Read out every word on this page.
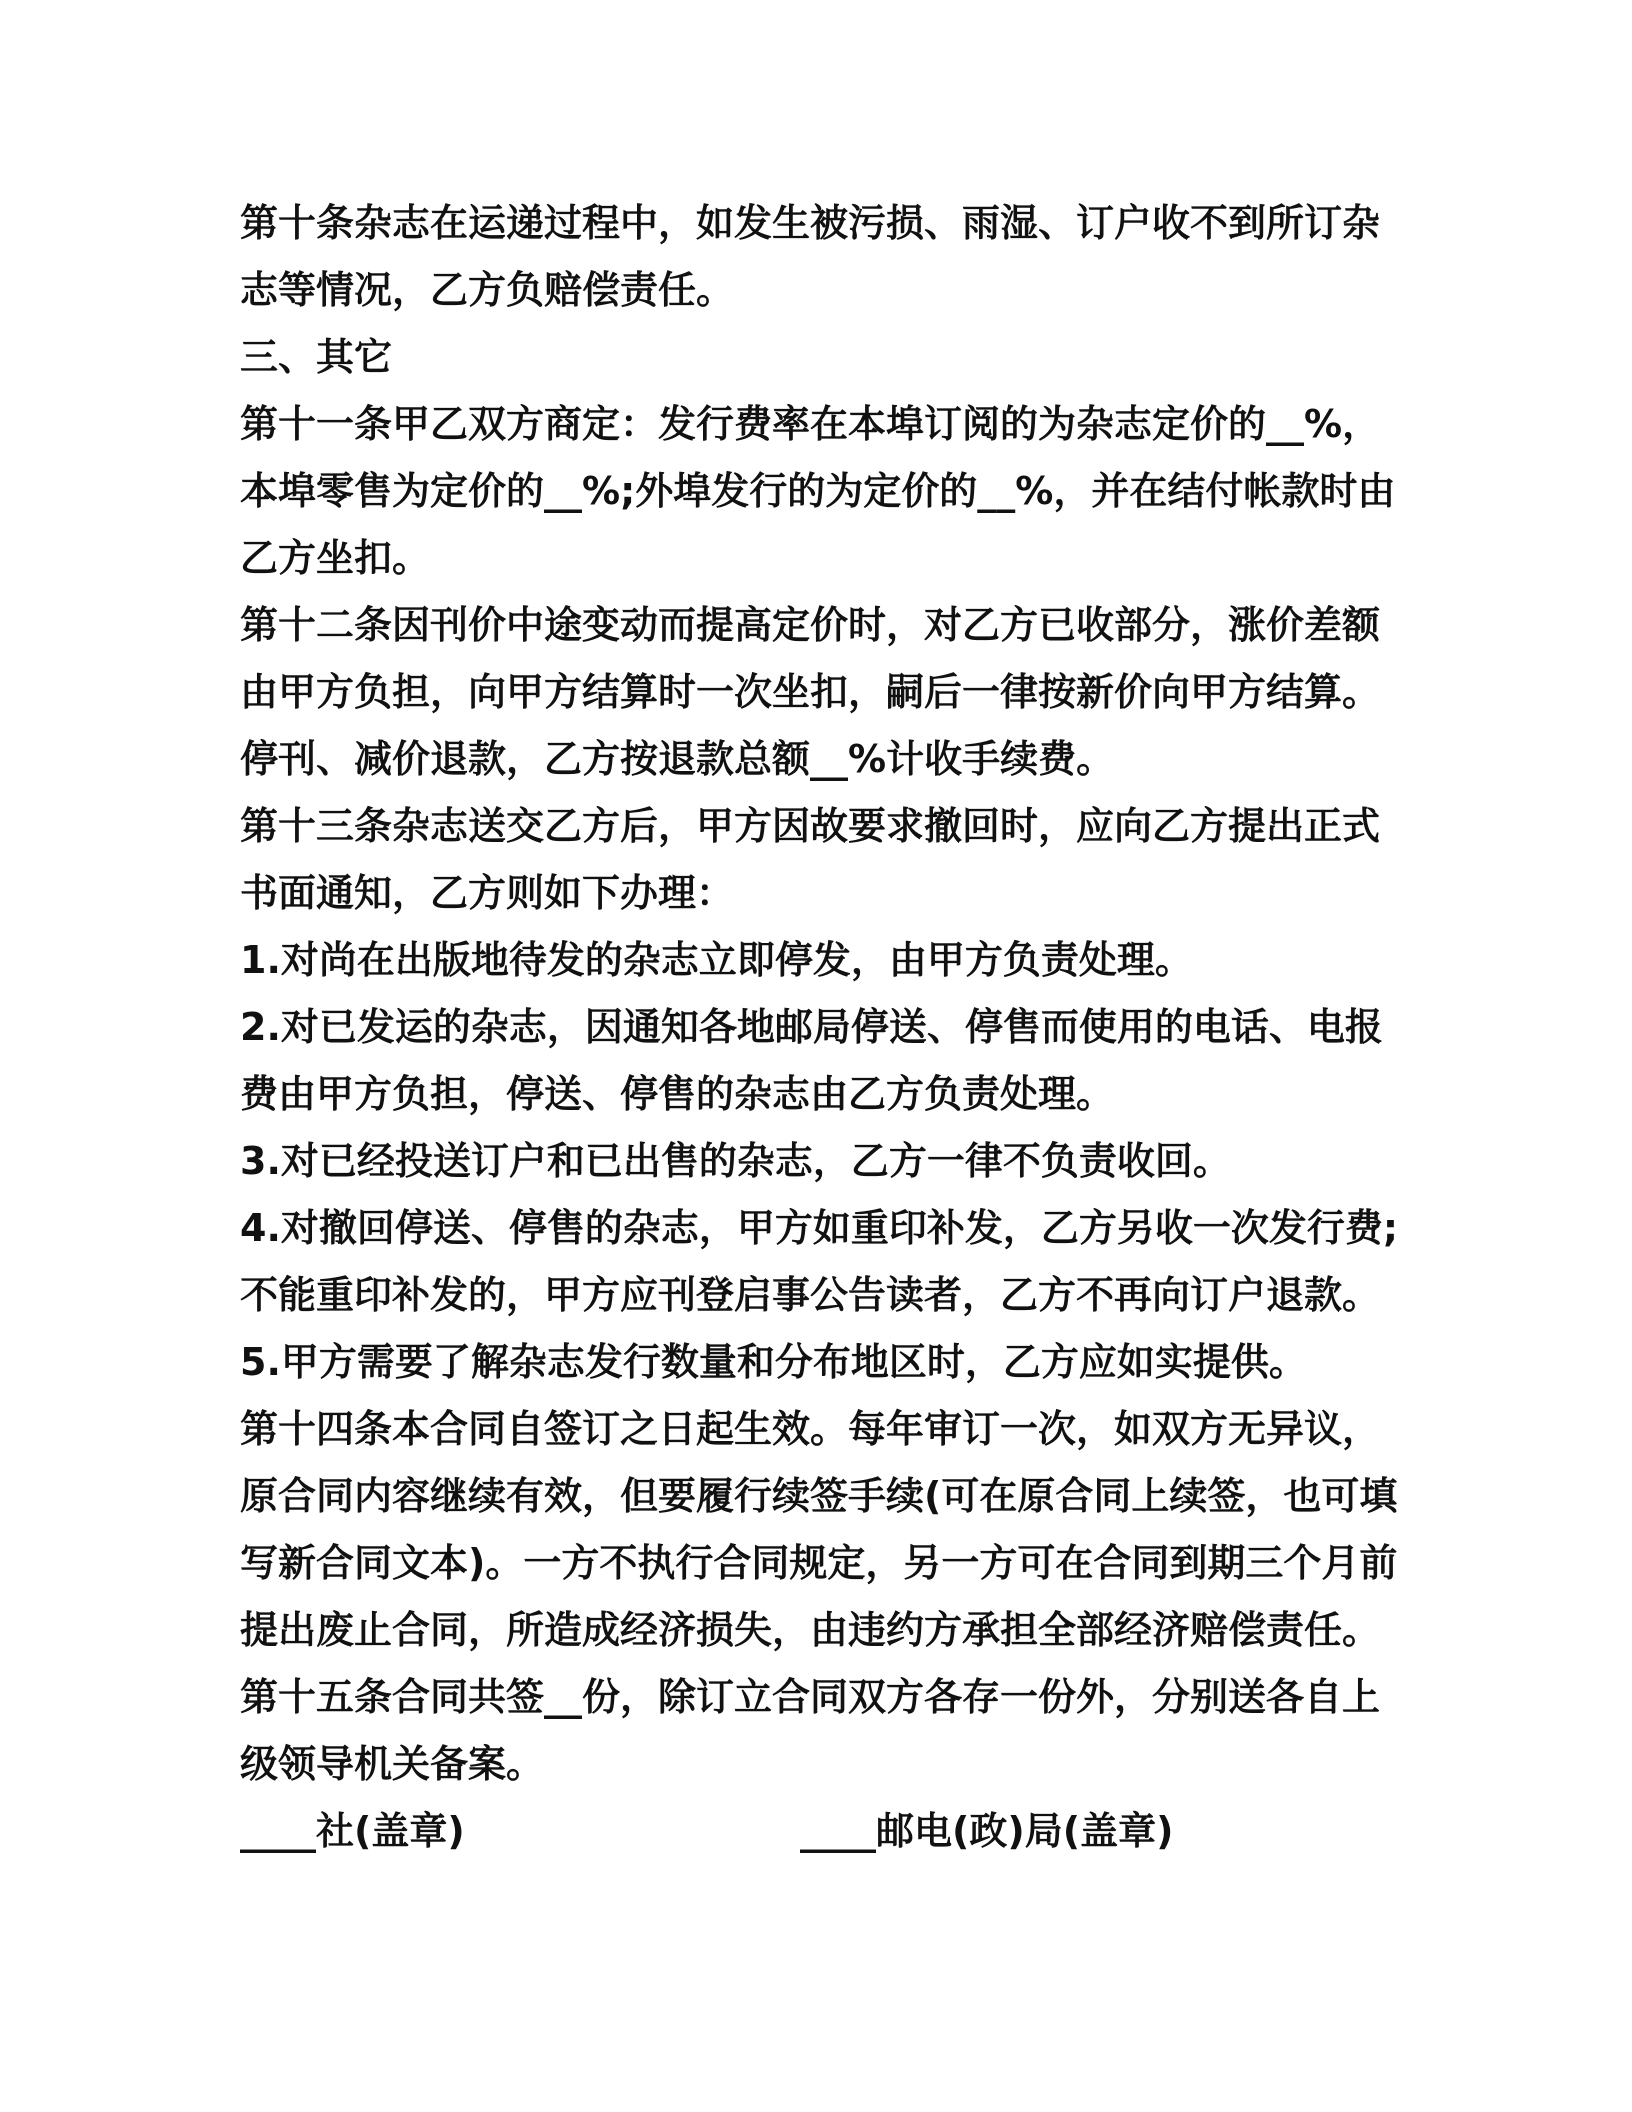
第十条杂志在运递过程中，如发生被污损、雨湿、订户收不到所订杂志等情况，乙方负赔偿责任。

三、其它

第十一条甲乙双方商定：发行费率在本埠订阅的为杂志定价的__%，本埠零售为定价的__%;外埠发行的为定价的__%，并在结付帐款时由乙方坐扣。

第十二条因刊价中途变动而提高定价时，对乙方已收部分，涨价差额由甲方负担，向甲方结算时一次坐扣，嗣后一律按新价向甲方结算。停刊、减价退款，乙方按退款总额__%计收手续费。

第十三条杂志送交乙方后，甲方因故要求撤回时，应向乙方提出正式书面通知，乙方则如下办理：

1.对尚在出版地待发的杂志立即停发，由甲方负责处理。

2.对已发运的杂志，因通知各地邮局停送、停售而使用的电话、电报费由甲方负担，停送、停售的杂志由乙方负责处理。

3.对已经投送订户和已出售的杂志，乙方一律不负责收回。

4.对撤回停送、停售的杂志，甲方如重印补发，乙方另收一次发行费;不能重印补发的，甲方应刊登启事公告读者，乙方不再向订户退款。

5.甲方需要了解杂志发行数量和分布地区时，乙方应如实提供。

第十四条本合同自签订之日起生效。每年审订一次，如双方无异议，原合同内容继续有效，但要履行续签手续(可在原合同上续签，也可填写新合同文本)。一方不执行合同规定，另一方可在合同到期三个月前提出废止合同，所造成经济损失，由违约方承担全部经济赔偿责任。

第十五条合同共签__份，除订立合同双方各存一份外，分别送各自上级领导机关备案。

____社(盖章)	____邮电(政)局(盖章)
